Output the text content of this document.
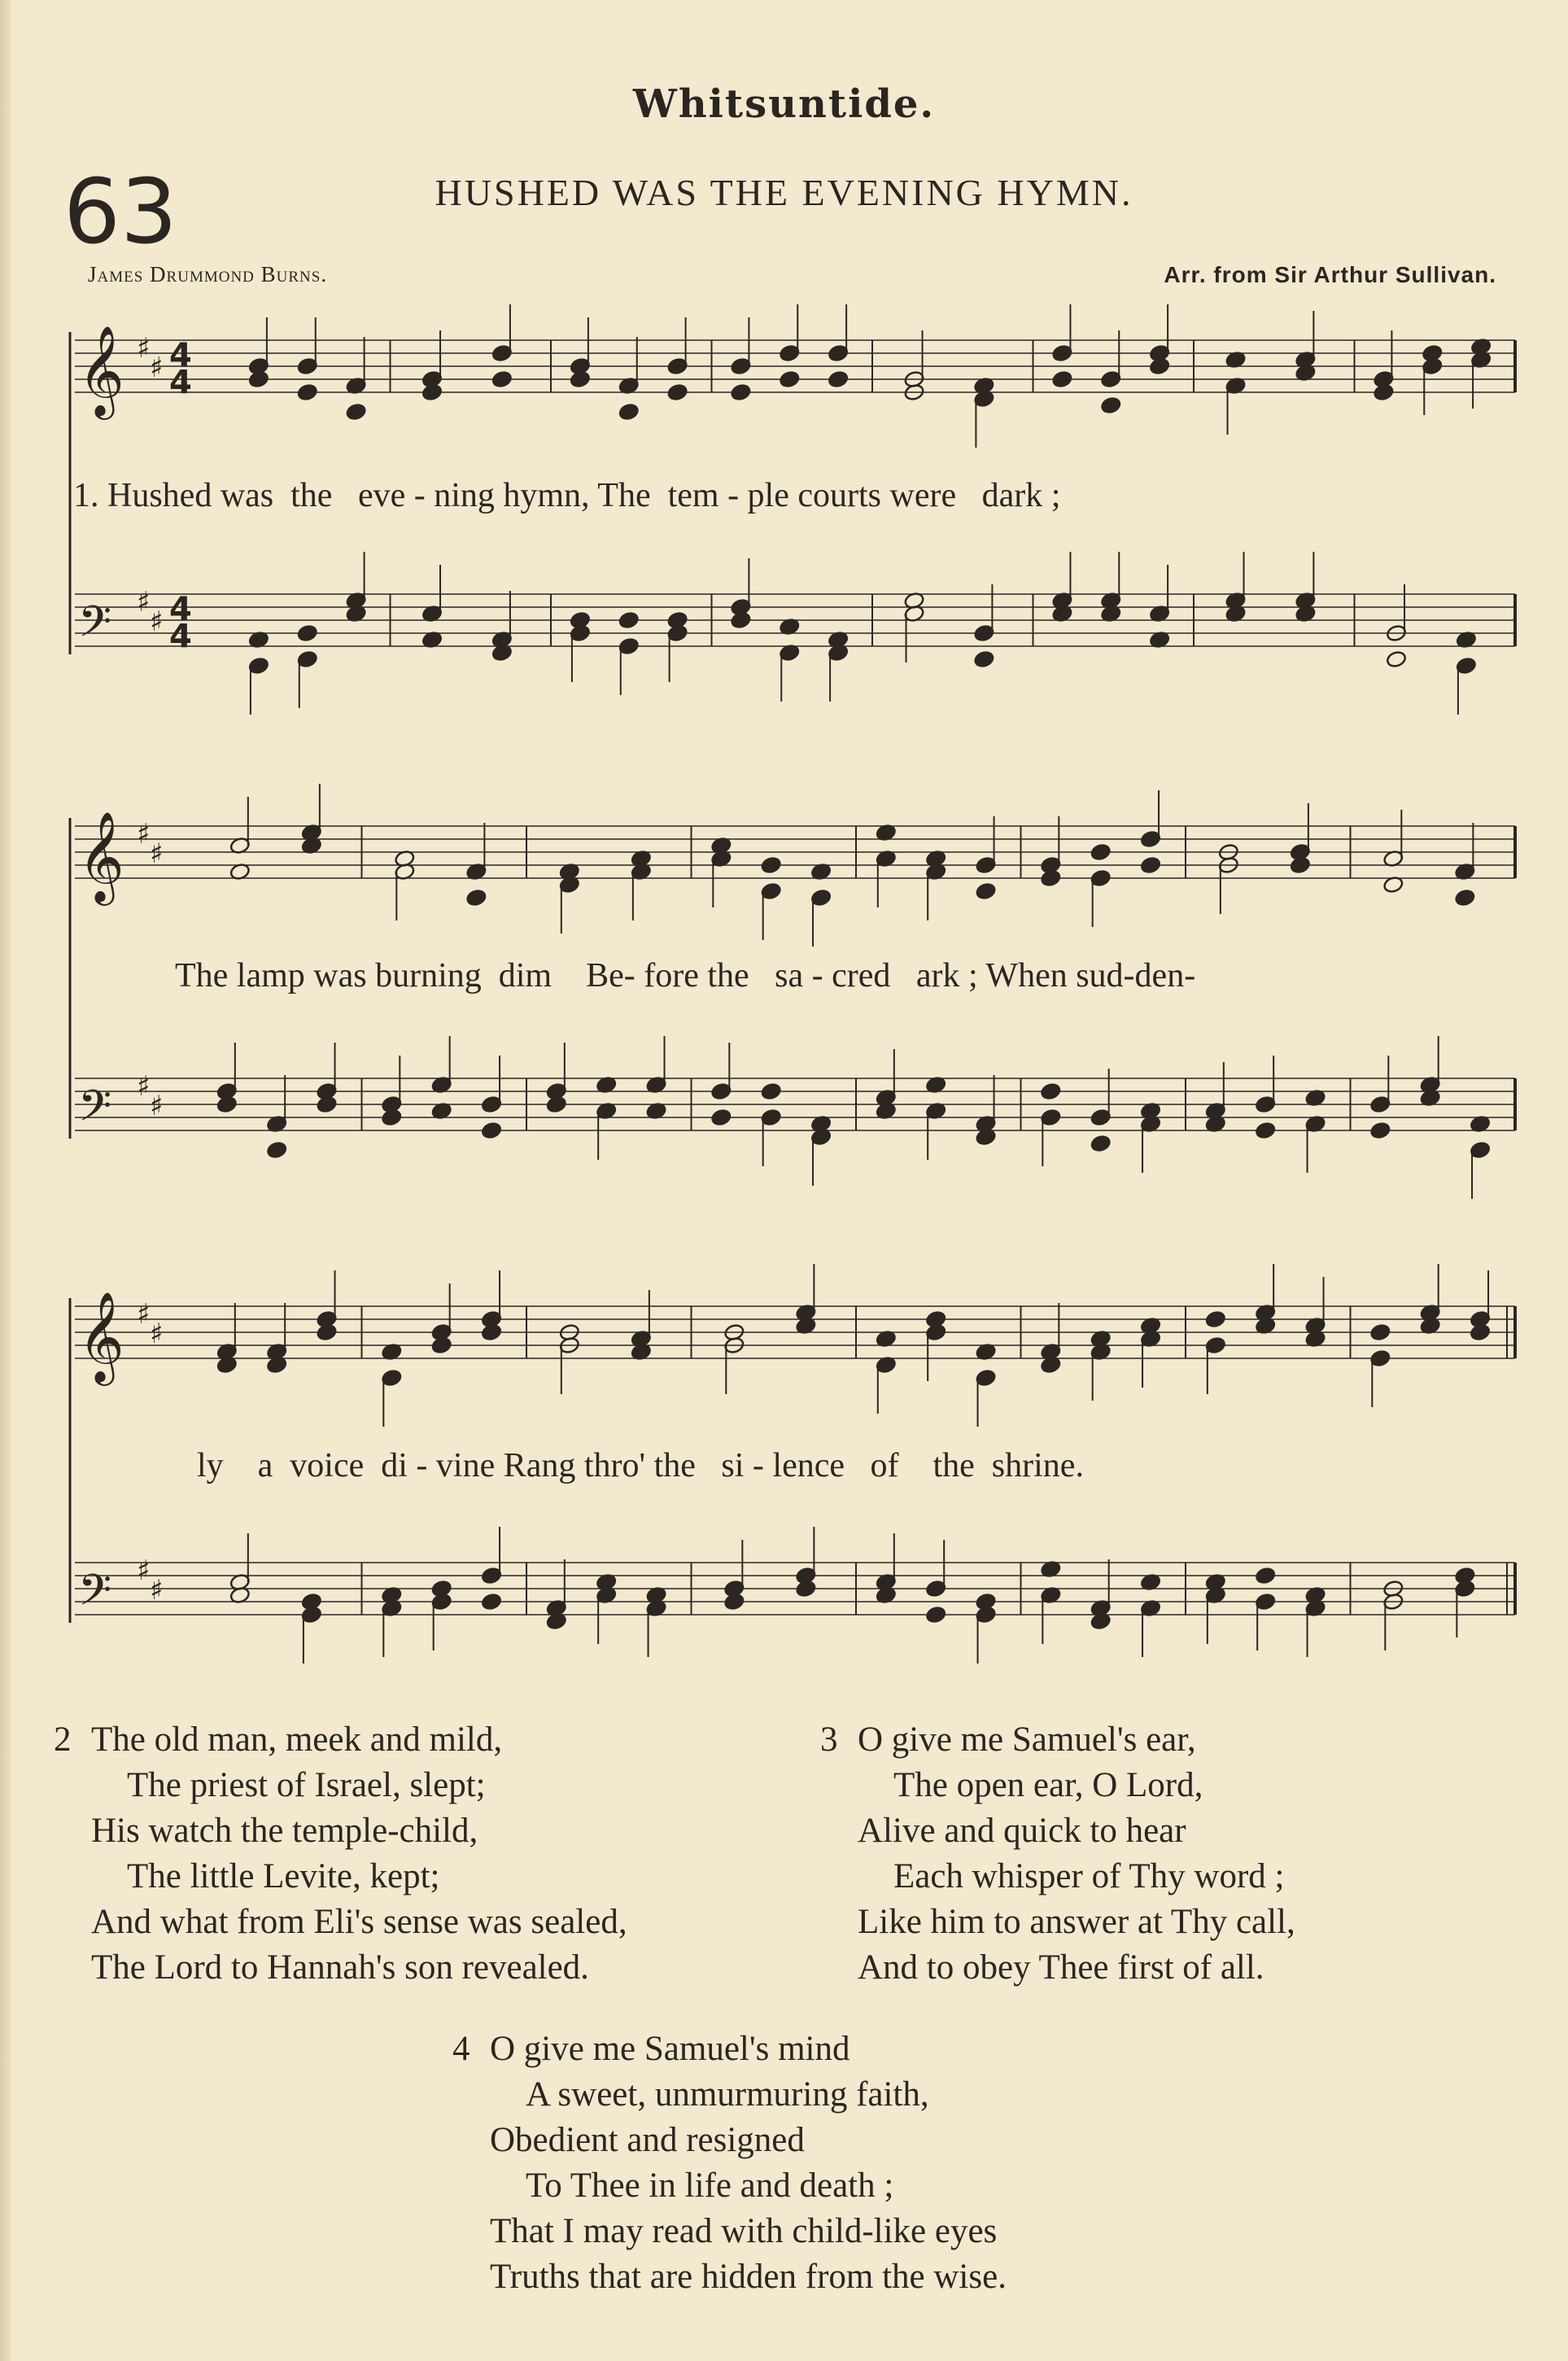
Whitsuntide.
63	HUSHED WAS THE EVENING HYMN.
James Drummond Burns.	Arr. from Sir Arthur Sullivan.
𝄞 ♯
♯ 4
4
𝄢 ♯
♯ 4
4
𝄞 ♯
♯
𝄢 ♯
♯
𝄞 ♯
♯
𝄢 ♯
♯
1. Hushed was  the   eve - ning hymn, The  tem - ple courts were   dark ;
The lamp was burning  dim    Be- fore the   sa - cred   ark ; When sud-den-
ly    a  voice  di - vine Rang thro' the   si - lence   of    the  shrine.
2 The old man, meek and mild,
The priest of Israel, slept;
His watch the temple-child,
The little Levite, kept;
And what from Eli's sense was sealed,
The Lord to Hannah's son revealed.
3 O give me Samuel's ear,
The open ear, O Lord,
Alive and quick to hear
Each whisper of Thy word ;
Like him to answer at Thy call,
And to obey Thee first of all.
4 O give me Samuel's mind
A sweet, unmurmuring faith,
Obedient and resigned
To Thee in life and death ;
That I may read with child-like eyes
Truths that are hidden from the wise.
